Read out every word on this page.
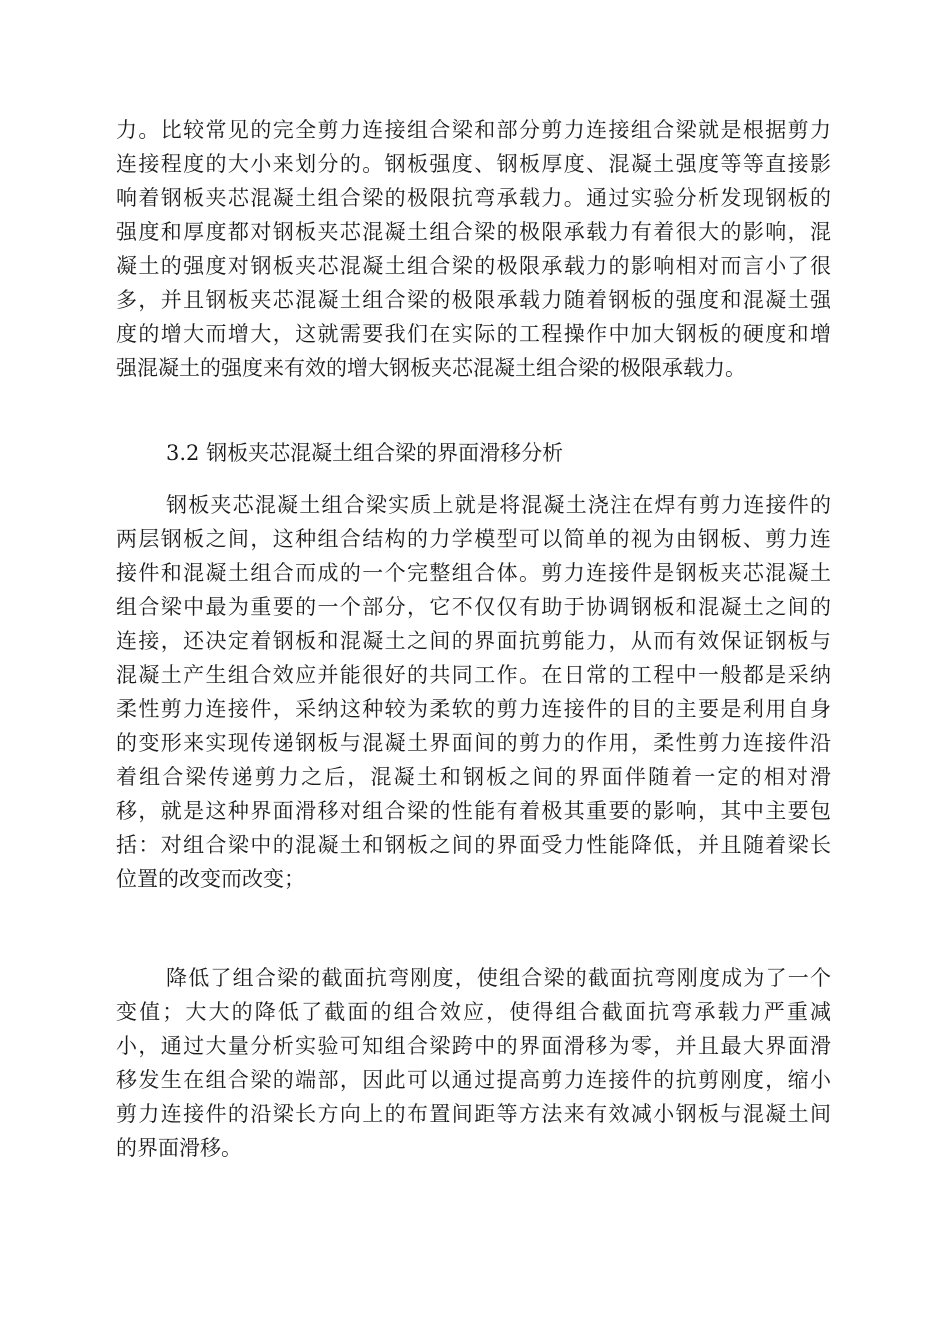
力。比较常见的完全剪力连接组合梁和部分剪力连接组合梁就是根据剪力
连接程度的大小来划分的。钢板强度、钢板厚度、混凝土强度等等直接影
响着钢板夹芯混凝土组合梁的极限抗弯承载力。通过实验分析发现钢板的
强度和厚度都对钢板夹芯混凝土组合梁的极限承载力有着很大的影响，混
凝土的强度对钢板夹芯混凝土组合梁的极限承载力的影响相对而言小了很
多，并且钢板夹芯混凝土组合梁的极限承载力随着钢板的强度和混凝土强
度的增大而增大，这就需要我们在实际的工程操作中加大钢板的硬度和增
强混凝土的强度来有效的增大钢板夹芯混凝土组合梁的极限承载力。
3.2 钢板夹芯混凝土组合梁的界面滑移分析
钢板夹芯混凝土组合梁实质上就是将混凝土浇注在焊有剪力连接件的
两层钢板之间，这种组合结构的力学模型可以简单的视为由钢板、剪力连
接件和混凝土组合而成的一个完整组合体。剪力连接件是钢板夹芯混凝土
组合梁中最为重要的一个部分，它不仅仅有助于协调钢板和混凝土之间的
连接，还决定着钢板和混凝土之间的界面抗剪能力，从而有效保证钢板与
混凝土产生组合效应并能很好的共同工作。在日常的工程中一般都是采纳
柔性剪力连接件，采纳这种较为柔软的剪力连接件的目的主要是利用自身
的变形来实现传递钢板与混凝土界面间的剪力的作用，柔性剪力连接件沿
着组合梁传递剪力之后，混凝土和钢板之间的界面伴随着一定的相对滑
移，就是这种界面滑移对组合梁的性能有着极其重要的影响，其中主要包
括：对组合梁中的混凝土和钢板之间的界面受力性能降低，并且随着梁长
位置的改变而改变；
降低了组合梁的截面抗弯刚度，使组合梁的截面抗弯刚度成为了一个
变值；大大的降低了截面的组合效应，使得组合截面抗弯承载力严重减
小，通过大量分析实验可知组合梁跨中的界面滑移为零，并且最大界面滑
移发生在组合梁的端部，因此可以通过提高剪力连接件的抗剪刚度，缩小
剪力连接件的沿梁长方向上的布置间距等方法来有效减小钢板与混凝土间
的界面滑移。
